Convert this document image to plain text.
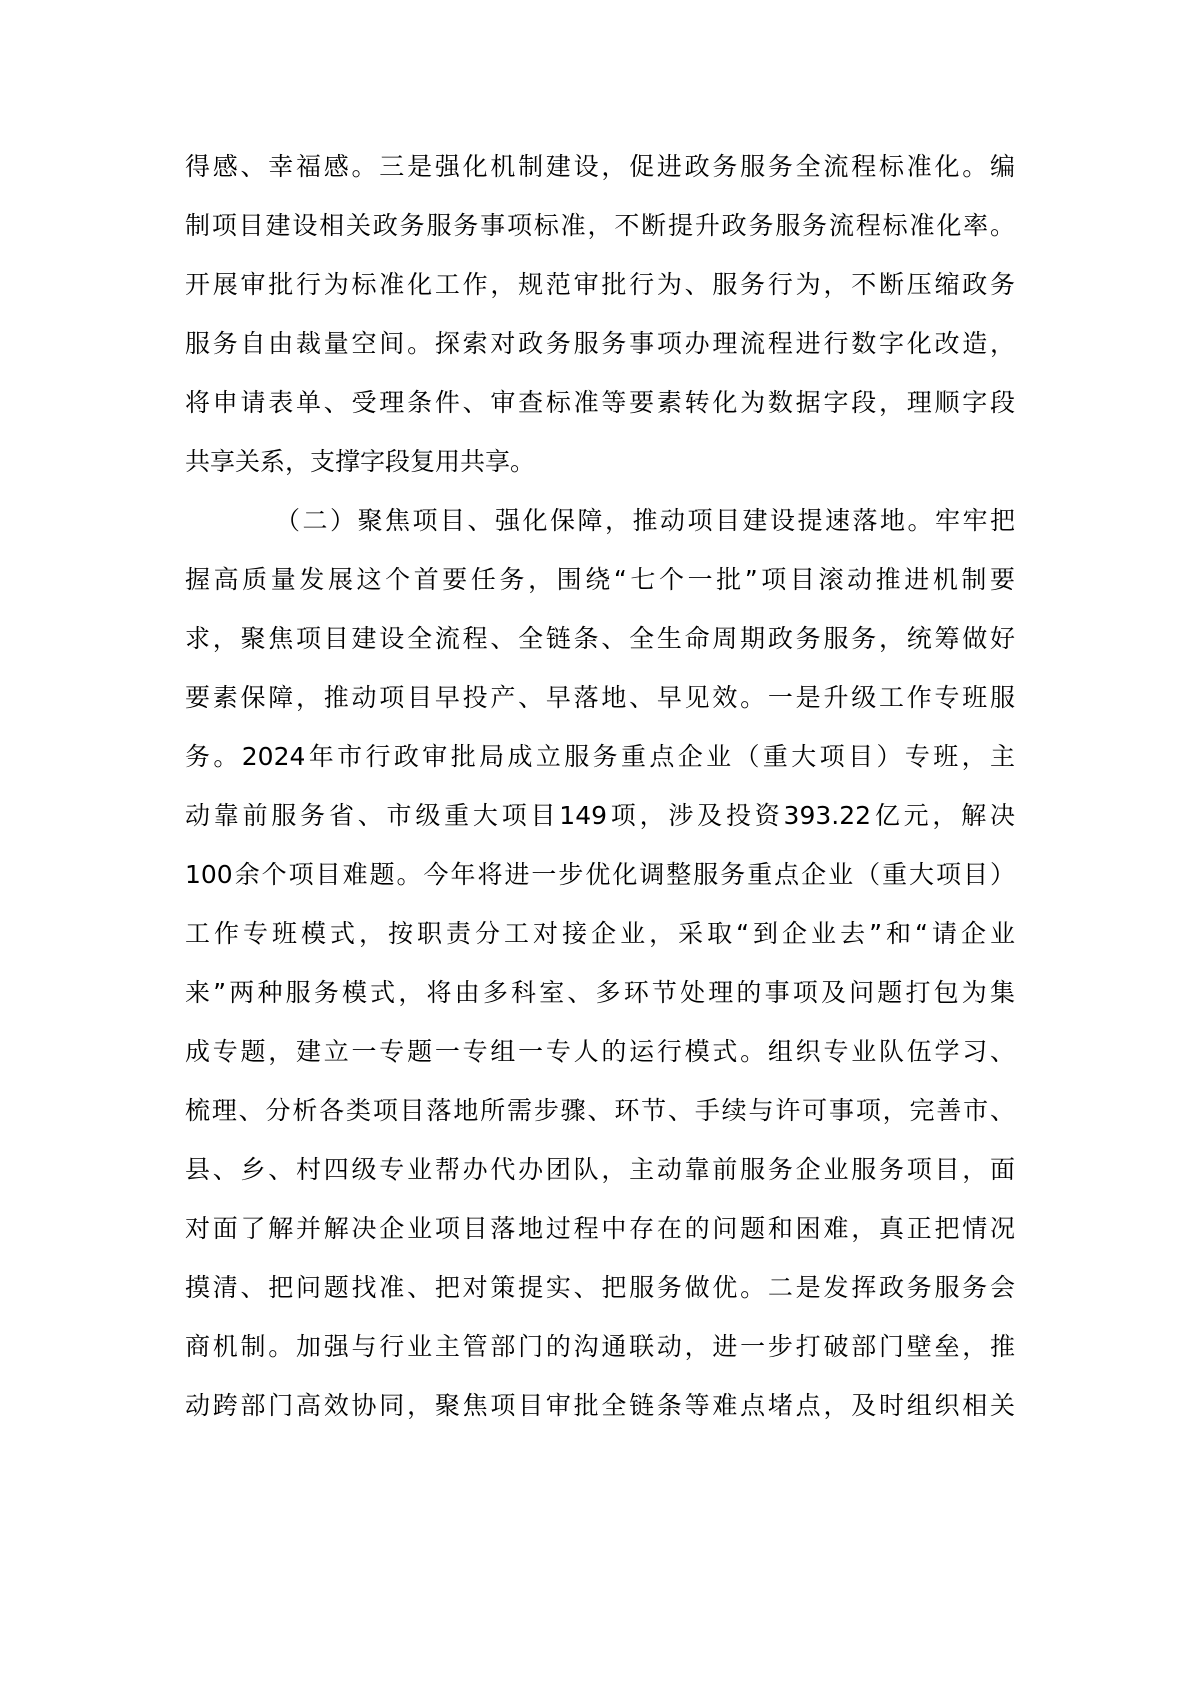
得感、幸福感。三是强化机制建设，促进政务服务全流程标准化。编
制项目建设相关政务服务事项标准，不断提升政务服务流程标准化率。
开展审批行为标准化工作，规范审批行为、服务行为，不断压缩政务
服务自由裁量空间。探索对政务服务事项办理流程进行数字化改造，
将申请表单、受理条件、审查标准等要素转化为数据字段，理顺字段
共享关系，支撑字段复用共享。
（二）聚焦项目、强化保障，推动项目建设提速落地。牢牢把
握高质量发展这个首要任务，围绕“七个一批”项目滚动推进机制要
求，聚焦项目建设全流程、全链条、全生命周期政务服务，统筹做好
要素保障，推动项目早投产、早落地、早见效。一是升级工作专班服
务。2024年市行政审批局成立服务重点企业（重大项目）专班，主
动靠前服务省、市级重大项目149项，涉及投资393.22亿元，解决
100余个项目难题。今年将进一步优化调整服务重点企业（重大项目）
工作专班模式，按职责分工对接企业，采取“到企业去”和“请企业
来”两种服务模式，将由多科室、多环节处理的事项及问题打包为集
成专题，建立一专题一专组一专人的运行模式。组织专业队伍学习、
梳理、分析各类项目落地所需步骤、环节、手续与许可事项，完善市、
县、乡、村四级专业帮办代办团队，主动靠前服务企业服务项目，面
对面了解并解决企业项目落地过程中存在的问题和困难，真正把情况
摸清、把问题找准、把对策提实、把服务做优。二是发挥政务服务会
商机制。加强与行业主管部门的沟通联动，进一步打破部门壁垒，推
动跨部门高效协同，聚焦项目审批全链条等难点堵点，及时组织相关
